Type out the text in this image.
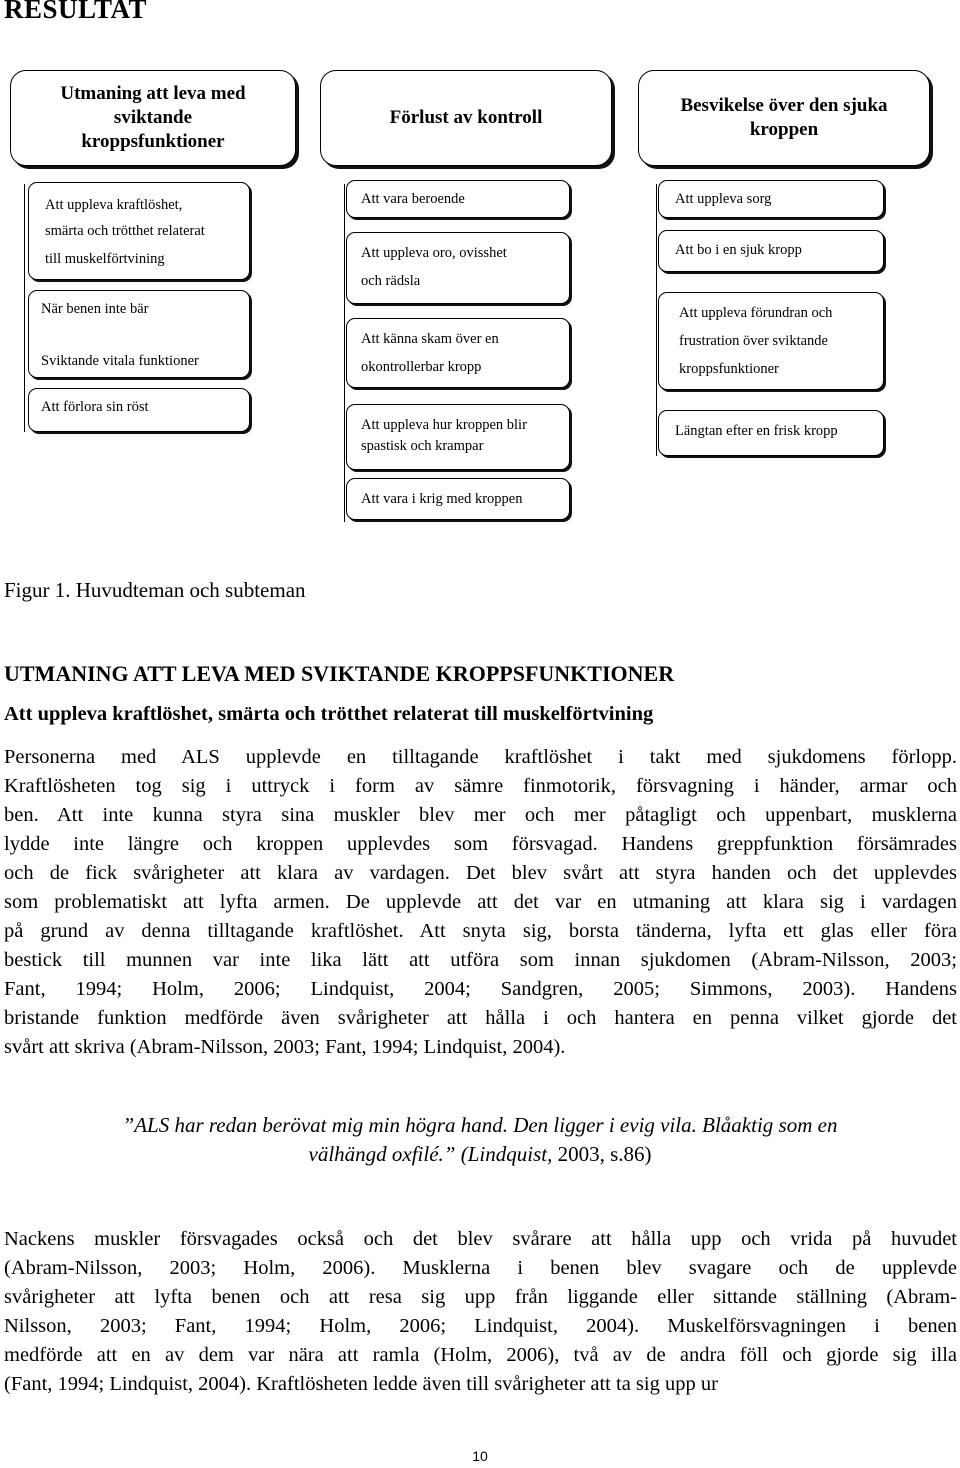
RESULTAT
Utmaning att leva med
sviktande
kroppsfunktioner
Förlust av kontroll
Besvikelse över den sjuka
kroppen
Att uppleva kraftlöshet,
smärta och trötthet relaterat
till muskelförtvining
När benen inte bär
Sviktande vitala funktioner
Att förlora sin röst
Att vara beroende
Att uppleva oro, ovisshet
och rädsla
Att känna skam över en
okontrollerbar kropp
Att uppleva hur kroppen blir
spastisk och krampar
Att vara i krig med kroppen
Att uppleva sorg
Att bo i en sjuk kropp
Att uppleva förundran och
frustration över sviktande
kroppsfunktioner
Längtan efter en frisk kropp
Figur 1. Huvudteman och subteman
UTMANING ATT LEVA MED SVIKTANDE KROPPSFUNKTIONER
Att uppleva kraftlöshet, smärta och trötthet relaterat till muskelförtvining
Personerna med ALS upplevde en tilltagande kraftlöshet i takt med sjukdomens förlopp.
Kraftlösheten tog sig i uttryck i form av sämre finmotorik, försvagning i händer, armar och
ben. Att inte kunna styra sina muskler blev mer och mer påtagligt och uppenbart, musklerna
lydde inte längre och kroppen upplevdes som försvagad. Handens greppfunktion försämrades
och de fick svårigheter att klara av vardagen. Det blev svårt att styra handen och det upplevdes
som problematiskt att lyfta armen. De upplevde att det var en utmaning att klara sig i vardagen
på grund av denna tilltagande kraftlöshet. Att snyta sig, borsta tänderna, lyfta ett glas eller föra
bestick till munnen var inte lika lätt att utföra som innan sjukdomen (Abram-Nilsson, 2003;
Fant, 1994; Holm, 2006; Lindquist, 2004; Sandgren, 2005; Simmons, 2003). Handens
bristande funktion medförde även svårigheter att hålla i och hantera en penna vilket gjorde det
svårt att skriva (Abram-Nilsson, 2003; Fant, 1994; Lindquist, 2004).
”ALS har redan berövat mig min högra hand. Den ligger i evig vila. Blåaktig som en
välhängd oxfilé.” (Lindquist, 2003, s.86)
Nackens muskler försvagades också och det blev svårare att hålla upp och vrida på huvudet
(Abram-Nilsson, 2003; Holm, 2006). Musklerna i benen blev svagare och de upplevde
svårigheter att lyfta benen och att resa sig upp från liggande eller sittande ställning (Abram-
Nilsson, 2003; Fant, 1994; Holm, 2006; Lindquist, 2004). Muskelförsvagningen i benen
medförde att en av dem var nära att ramla (Holm, 2006), två av de andra föll och gjorde sig illa
(Fant, 1994; Lindquist, 2004). Kraftlösheten ledde även till svårigheter att ta sig upp ur
10
